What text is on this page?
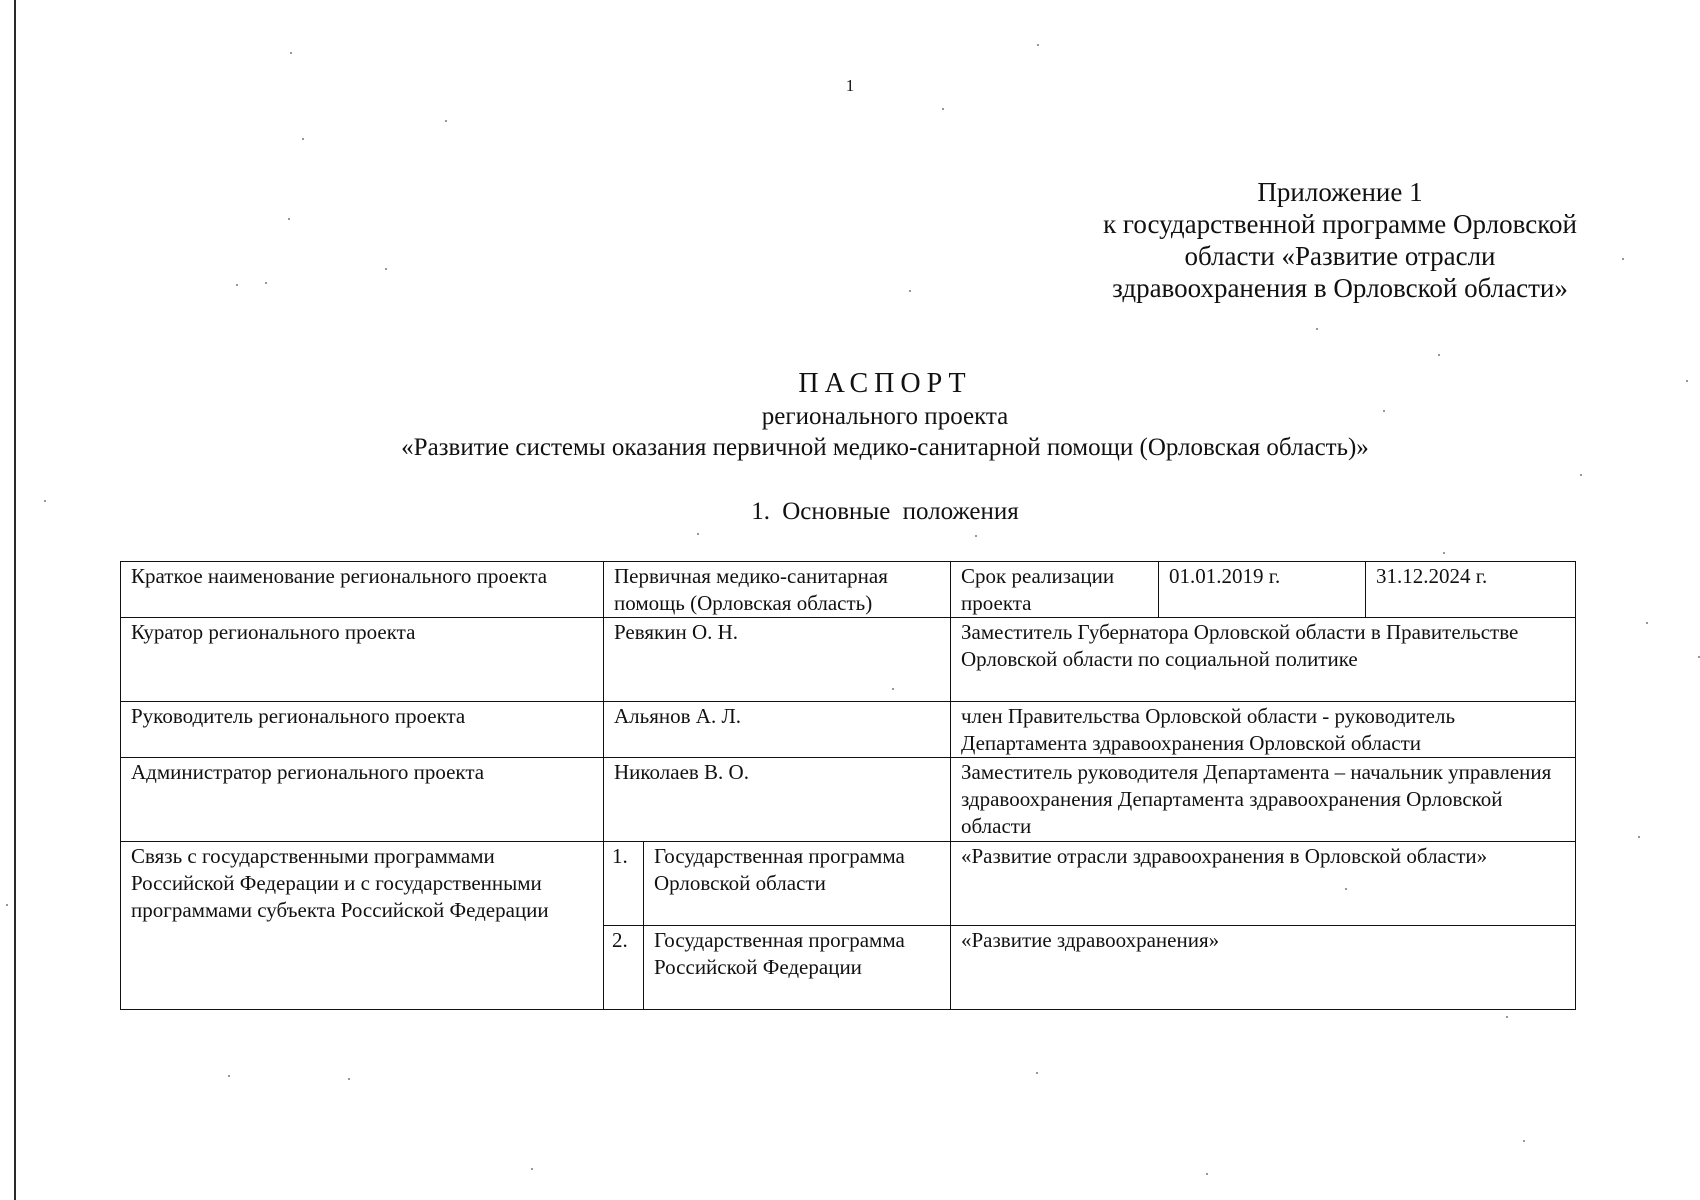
1
Приложение 1
к государственной программе Орловской
области «Развитие отрасли
здравоохранения в Орловской области»
ПАСПОРТ
регионального проекта
«Развитие системы оказания первичной медико-санитарной помощи (Орловская область)»
1. Основные положения
Краткое наименование регионального проекта	Первичная медико-санитарная помощь (Орловская область)		Срок реализации проекта	01.01.2019 г.	31.12.2024 г.
Куратор регионального проекта	Ревякин О. Н.		Заместитель Губернатора Орловской области в Правительстве Орловской области по социальной политике		
Руководитель регионального проекта	Альянов А. Л.		член Правительства Орловской области - руководитель Департамента здравоохранения Орловской области		
Администратор регионального проекта	Николаев В. О.		Заместитель руководителя Департамента – начальник управления здравоохранения Департамента здравоохранения Орловской области		
Связь с государственными программами Российской Федерации и с государственными программами субъекта Российской Федерации	1.	Государственная программа Орловской области	«Развитие отрасли здравоохранения в Орловской области»		
	2.	Государственная программа Российской Федерации	«Развитие здравоохранения»		
